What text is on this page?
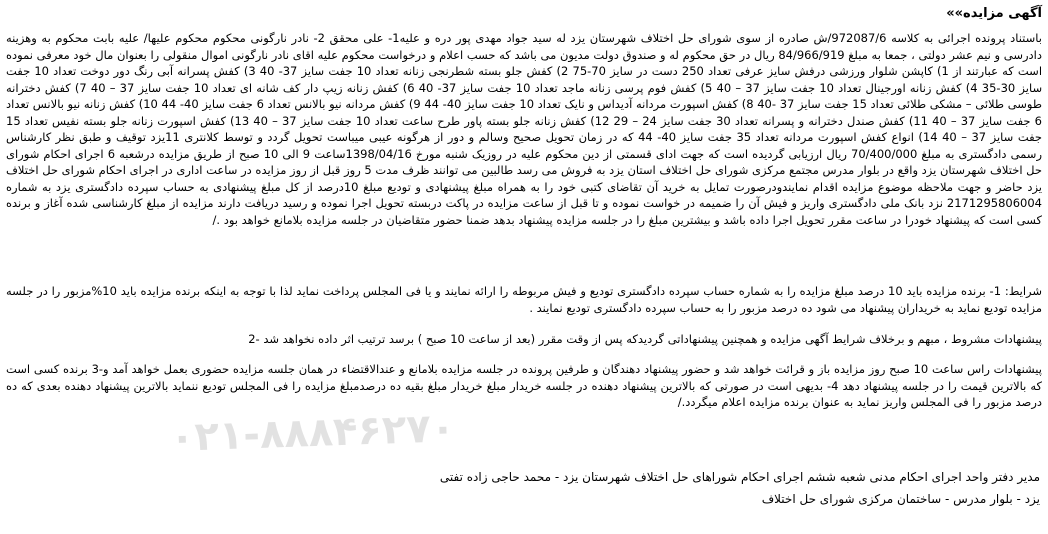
آگهی مزایده»»

باستناد پرونده اجرائی به کلاسه 972087/6/ش صادره از سوی شورای حل اختلاف شهرستان یزد له سید جواد مهدی پور دره و علیه1- علی محقق 2- نادر نارگونی محکوم محکوم علیها/ علیه بابت محکوم به وهزینه دادرسی و نیم عشر دولتی ، جمعا به مبلغ 84/966/919 ریال در حق محکوم له و صندوق دولت مدیون می باشد که حسب اعلام و درخواست محکوم علیه اقای نادر نارگونی اموال منقولی را بعنوان مال خود معرفی نموده است که عبارتند از 1) کاپشن شلوار ورزشی درفش سایز عرفی تعداد 250 دست در سایز 70-75 2) کفش جلو بسته شطرنجی زنانه تعداد 10 جفت سایز 37- 40 3) کفش پسرانه آبی رنگ دور دوخت تعداد 10 جفت سایز 30-35 4) کفش زنانه اورجینال تعداد 10 جفت سایز 37 – 40 5) کفش فوم پرسی زنانه ماجد تعداد 10 جفت سایز 37- 40 6) کفش زنانه زیپ دار کف شانه ای تعداد 10 جفت سایز 37 – 40 7) کفش دخترانه طوسی طلائی – مشکی طلائی تعداد 15 جفت سایز 37 -40 8) کفش اسپورت مردانه آدیداس و نایک تعداد 10 جفت سایز 40- 44 9) کفش مردانه نیو بالانس تعداد 6 جفت سایز 40- 44 10) کفش زنانه نیو بالانس تعداد 6 جفت سایز 37 – 40 11) کفش صندل دخترانه و پسرانه تعداد 30 جفت سایز 24 – 29 12) کفش زنانه جلو بسته پاور طرح ساعت تعداد 10 جفت سایز 37 – 40 13) کفش اسپورت زنانه جلو بسته نفیس تعداد 15 جفت سایز 37 – 40 14) انواع کفش اسپورت مردانه تعداد 35 جفت سایز 40- 44 که در زمان تحویل صحیح وسالم و دور از هرگونه عیبی میباست تحویل گردد و توسط کلانتری 11یزد توقیف و طبق نظر کارشناس رسمی دادگستری به مبلغ 70/400/000 ریال ارزیابی گردیده است که جهت ادای قسمتی از دین محکوم علیه در روزیک شنبه مورخ 1398/04/16ساعت 9 الی 10 صبح از طریق مزایده درشعبه 6 اجرای احکام شورای حل اختلاف شهرستان یزد واقع در بلوار مدرس مجتمع مرکزی شورای حل اختلاف استان یزد به فروش می رسد طالبین می توانند ظرف مدت 5 روز قبل از روز مزایده در ساعت اداری در اجرای احکام شورای حل اختلاف یزد حاضر و جهت ملاحظه موضوع مزایده اقدام نمایندودرصورت تمایل به خرید آن تقاضای کتبی خود را به همراه مبلغ پیشنهادی و تودیع مبلغ 10درصد از کل مبلغ پیشنهادی به حساب سپرده دادگستری یزد به شماره 2171295806004 نزد بانک ملی دادگستری واریز و فیش آن را ضمیمه در خواست نموده و تا قبل از ساعت مزایده در پاکت دربسته تحویل اجرا نموده و رسید دریافت دارند مزایده از مبلغ کارشناسی شده آغاز و برنده کسی است که پیشنهاد خودرا در ساعت مقرر تحویل اجرا داده باشد و بیشترین مبلغ را در جلسه مزایده پیشنهاد بدهد ضمنا حضور متقاضیان در جلسه مزایده بلامانع خواهد بود ./

شرایط: 1- برنده مزایده باید 10 درصد مبلغ مزایده را به شماره حساب سپرده دادگستری تودیع و فیش مربوطه را ارائه نمایند و یا فی المجلس پرداخت نماید لذا با توجه به اینکه برنده مزایده باید 10%مزبور را در جلسه مزایده تودیع نماید به خریداران پیشنهاد می شود ده درصد مزبور را به حساب سپرده دادگستری تودیع نمایند .

پیشنهادات مشروط ، مبهم و برخلاف شرایط آگهی مزایده و همچنین پیشنهاداتی گردیدکه پس از وقت مقرر (بعد از ساعت 10 صبح ) برسد ترتیب اثر داده نخواهد شد -2

پیشنهادات راس ساعت 10 صبح روز مزایده باز و قرائت خواهد شد و حضور پیشنهاد دهندگان و طرفین پرونده در جلسه مزایده بلامانع و عندالاقتضاء در همان جلسه مزایده حضوری بعمل خواهد آمد و-3 برنده کسی است که بالاترین قیمت را در جلسه پیشنهاد دهد 4- بدیهی است در صورتی که بالاترین پیشنهاد دهنده در جلسه خریدار مبلغ خریدار مبلغ بقیه ده درصدمبلغ مزایده را فی المجلس تودیع ننماید بالاترین پیشنهاد دهنده بعدی که ده درصد مزبور را فی المجلس واریز نماید به عنوان برنده مزایده اعلام میگردد./

۰۲۱-۸۸۸۴۶۲۷۰

مدیر دفتر واحد اجرای احکام مدنی شعبه ششم اجرای احکام شوراهای حل اختلاف شهرستان یزد - محمد حاجی زاده تفتی

یزد - بلوار مدرس - ساختمان مرکزی شورای حل اختلاف
